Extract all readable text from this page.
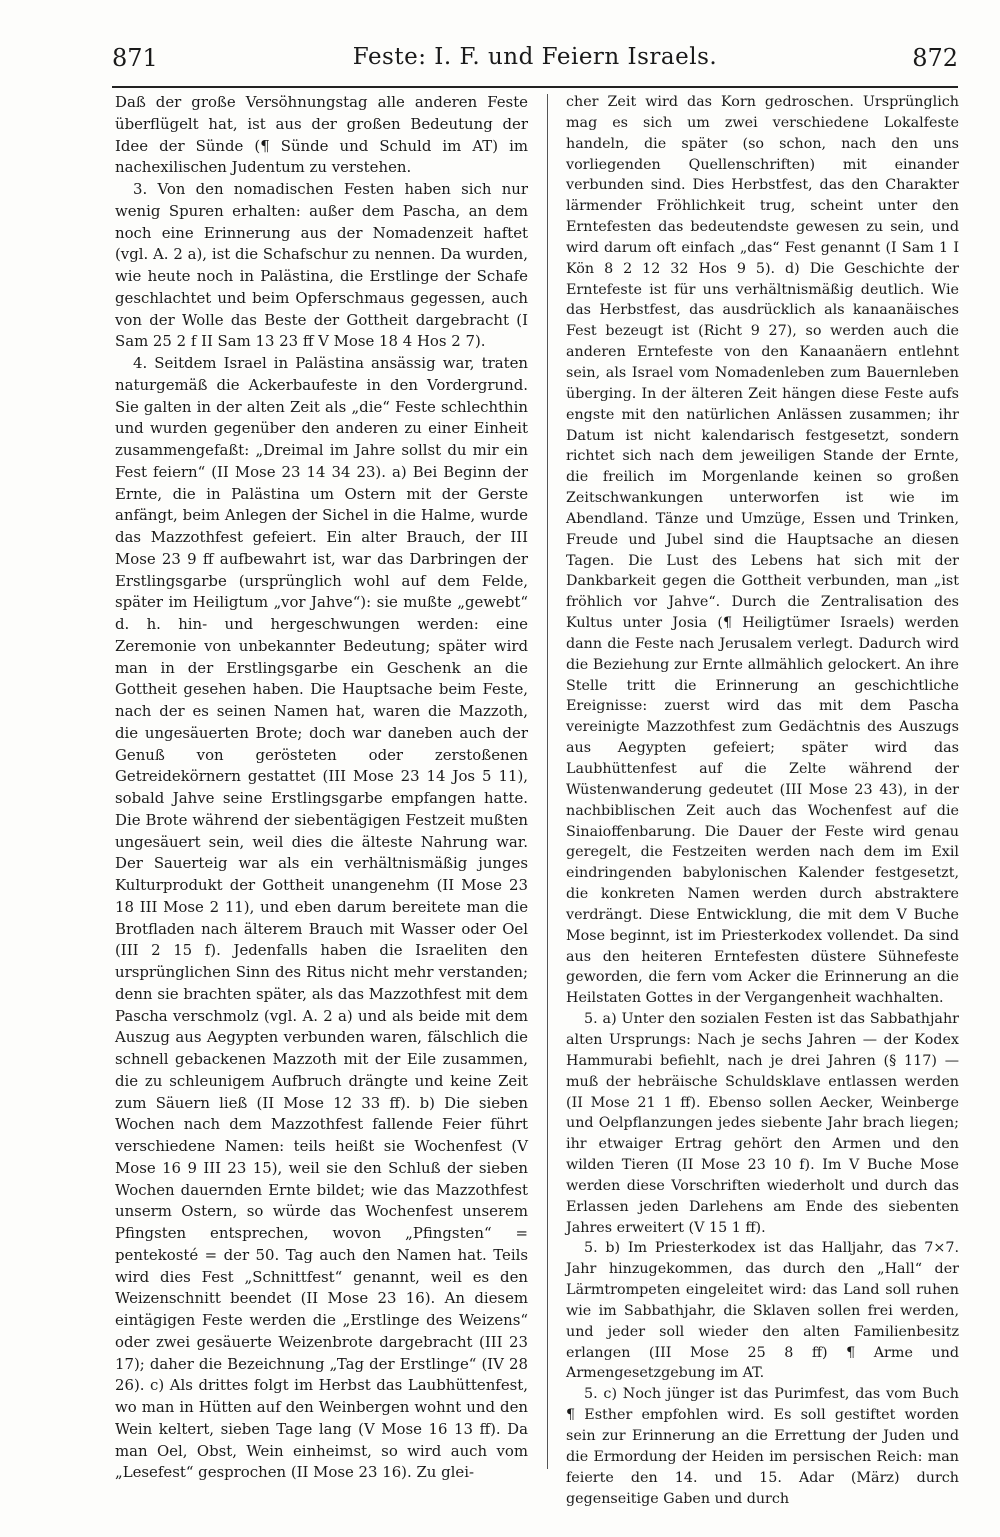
871	Feste: I. F. und Feiern Israels.	872

Daß der große Versöhnungstag alle anderen Feste überflügelt hat, ist aus der großen Bedeutung der Idee der Sünde (¶ Sünde und Schuld im AT) im nachexilischen Judentum zu verstehen.

3. Von den nomadischen Festen haben sich nur wenig Spuren erhalten: außer dem Pascha, an dem noch eine Erinnerung aus der Nomadenzeit haftet (vgl. A. 2 a), ist die Schafschur zu nennen. Da wurden, wie heute noch in Palästina, die Erstlinge der Schafe geschlachtet und beim Opferschmaus gegessen, auch von der Wolle das Beste der Gottheit dargebracht (I Sam 25 2 f II Sam 13 23 ff V Mose 18 4 Hos 2 7).

4. Seitdem Israel in Palästina ansässig war, traten naturgemäß die Ackerbaufeste in den Vordergrund. Sie galten in der alten Zeit als „die“ Feste schlechthin und wurden gegenüber den anderen zu einer Einheit zusammengefaßt: „Dreimal im Jahre sollst du mir ein Fest feiern“ (II Mose 23 14 34 23). a) Bei Beginn der Ernte, die in Palästina um Ostern mit der Gerste anfängt, beim Anlegen der Sichel in die Halme, wurde das Mazzothfest gefeiert. Ein alter Brauch, der III Mose 23 9 ff aufbewahrt ist, war das Darbringen der Erstlingsgarbe (ursprünglich wohl auf dem Felde, später im Heiligtum „vor Jahve“): sie mußte „gewebt“ d. h. hin- und hergeschwungen werden: eine Zeremonie von unbekannter Bedeutung; später wird man in der Erstlingsgarbe ein Geschenk an die Gottheit gesehen haben. Die Hauptsache beim Feste, nach der es seinen Namen hat, waren die Mazzoth, die ungesäuerten Brote; doch war daneben auch der Genuß von gerösteten oder zerstoßenen Getreidekörnern gestattet (III Mose 23 14 Jos 5 11), sobald Jahve seine Erstlingsgarbe empfangen hatte. Die Brote während der siebentägigen Festzeit mußten ungesäuert sein, weil dies die älteste Nahrung war. Der Sauerteig war als ein verhältnismäßig junges Kulturprodukt der Gottheit unangenehm (II Mose 23 18 III Mose 2 11), und eben darum bereitete man die Brotfladen nach älterem Brauch mit Wasser oder Oel (III 2 15 f). Jedenfalls haben die Israeliten den ursprünglichen Sinn des Ritus nicht mehr verstanden; denn sie brachten später, als das Mazzothfest mit dem Pascha verschmolz (vgl. A. 2 a) und als beide mit dem Auszug aus Aegypten verbunden waren, fälschlich die schnell gebackenen Mazzoth mit der Eile zusammen, die zu schleunigem Aufbruch drängte und keine Zeit zum Säuern ließ (II Mose 12 33 ff). b) Die sieben Wochen nach dem Mazzothfest fallende Feier führt verschiedene Namen: teils heißt sie Wochenfest (V Mose 16 9 III 23 15), weil sie den Schluß der sieben Wochen dauernden Ernte bildet; wie das Mazzothfest unserm Ostern, so würde das Wochenfest unserem Pfingsten entsprechen, wovon „Pfingsten“ = pentekosté = der 50. Tag auch den Namen hat. Teils wird dies Fest „Schnittfest“ genannt, weil es den Weizenschnitt beendet (II Mose 23 16). An diesem eintägigen Feste werden die „Erstlinge des Weizens“ oder zwei gesäuerte Weizenbrote dargebracht (III 23 17); daher die Bezeichnung „Tag der Erstlinge“ (IV 28 26). c) Als drittes folgt im Herbst das Laubhüttenfest, wo man in Hütten auf den Weinbergen wohnt und den Wein keltert, sieben Tage lang (V Mose 16 13 ff). Da man Oel, Obst, Wein einheimst, so wird auch vom „Lesefest“ gesprochen (II Mose 23 16). Zu glei-

cher Zeit wird das Korn gedroschen. Ursprünglich mag es sich um zwei verschiedene Lokalfeste handeln, die später (so schon, nach den uns vorliegenden Quellenschriften) mit einander verbunden sind. Dies Herbstfest, das den Charakter lärmender Fröhlichkeit trug, scheint unter den Erntefesten das bedeutendste gewesen zu sein, und wird darum oft einfach „das“ Fest genannt (I Sam 1 I Kön 8 2 12 32 Hos 9 5). d) Die Geschichte der Erntefeste ist für uns verhältnismäßig deutlich. Wie das Herbstfest, das ausdrücklich als kanaanäisches Fest bezeugt ist (Richt 9 27), so werden auch die anderen Erntefeste von den Kanaanäern entlehnt sein, als Israel vom Nomadenleben zum Bauernleben überging. In der älteren Zeit hängen diese Feste aufs engste mit den natürlichen Anlässen zusammen; ihr Datum ist nicht kalendarisch festgesetzt, sondern richtet sich nach dem jeweiligen Stande der Ernte, die freilich im Morgenlande keinen so großen Zeitschwankungen unterworfen ist wie im Abendland. Tänze und Umzüge, Essen und Trinken, Freude und Jubel sind die Hauptsache an diesen Tagen. Die Lust des Lebens hat sich mit der Dankbarkeit gegen die Gottheit verbunden, man „ist fröhlich vor Jahve“. Durch die Zentralisation des Kultus unter Josia (¶ Heiligtümer Israels) werden dann die Feste nach Jerusalem verlegt. Dadurch wird die Beziehung zur Ernte allmählich gelockert. An ihre Stelle tritt die Erinnerung an geschichtliche Ereignisse: zuerst wird das mit dem Pascha vereinigte Mazzothfest zum Gedächtnis des Auszugs aus Aegypten gefeiert; später wird das Laubhüttenfest auf die Zelte während der Wüstenwanderung gedeutet (III Mose 23 43), in der nachbiblischen Zeit auch das Wochenfest auf die Sinaioffenbarung. Die Dauer der Feste wird genau geregelt, die Festzeiten werden nach dem im Exil eindringenden babylonischen Kalender festgesetzt, die konkreten Namen werden durch abstraktere verdrängt. Diese Entwicklung, die mit dem V Buche Mose beginnt, ist im Priesterkodex vollendet. Da sind aus den heiteren Erntefesten düstere Sühnefeste geworden, die fern vom Acker die Erinnerung an die Heilstaten Gottes in der Vergangenheit wachhalten.

5. a) Unter den sozialen Festen ist das Sabbathjahr alten Ursprungs: Nach je sechs Jahren — der Kodex Hammurabi befiehlt, nach je drei Jahren (§ 117) — muß der hebräische Schuldsklave entlassen werden (II Mose 21 1 ff). Ebenso sollen Aecker, Weinberge und Oelpflanzungen jedes siebente Jahr brach liegen; ihr etwaiger Ertrag gehört den Armen und den wilden Tieren (II Mose 23 10 f). Im V Buche Mose werden diese Vorschriften wiederholt und durch das Erlassen jeden Darlehens am Ende des siebenten Jahres erweitert (V 15 1 ff).

5. b) Im Priesterkodex ist das Halljahr, das 7×7. Jahr hinzugekommen, das durch den „Hall“ der Lärmtrompeten eingeleitet wird: das Land soll ruhen wie im Sabbathjahr, die Sklaven sollen frei werden, und jeder soll wieder den alten Familienbesitz erlangen (III Mose 25 8 ff) ¶ Arme und Armengesetzgebung im AT.

5. c) Noch jünger ist das Purimfest, das vom Buch ¶ Esther empfohlen wird. Es soll gestiftet worden sein zur Erinnerung an die Errettung der Juden und die Ermordung der Heiden im persischen Reich: man feierte den 14. und 15. Adar (März) durch gegenseitige Gaben und durch
